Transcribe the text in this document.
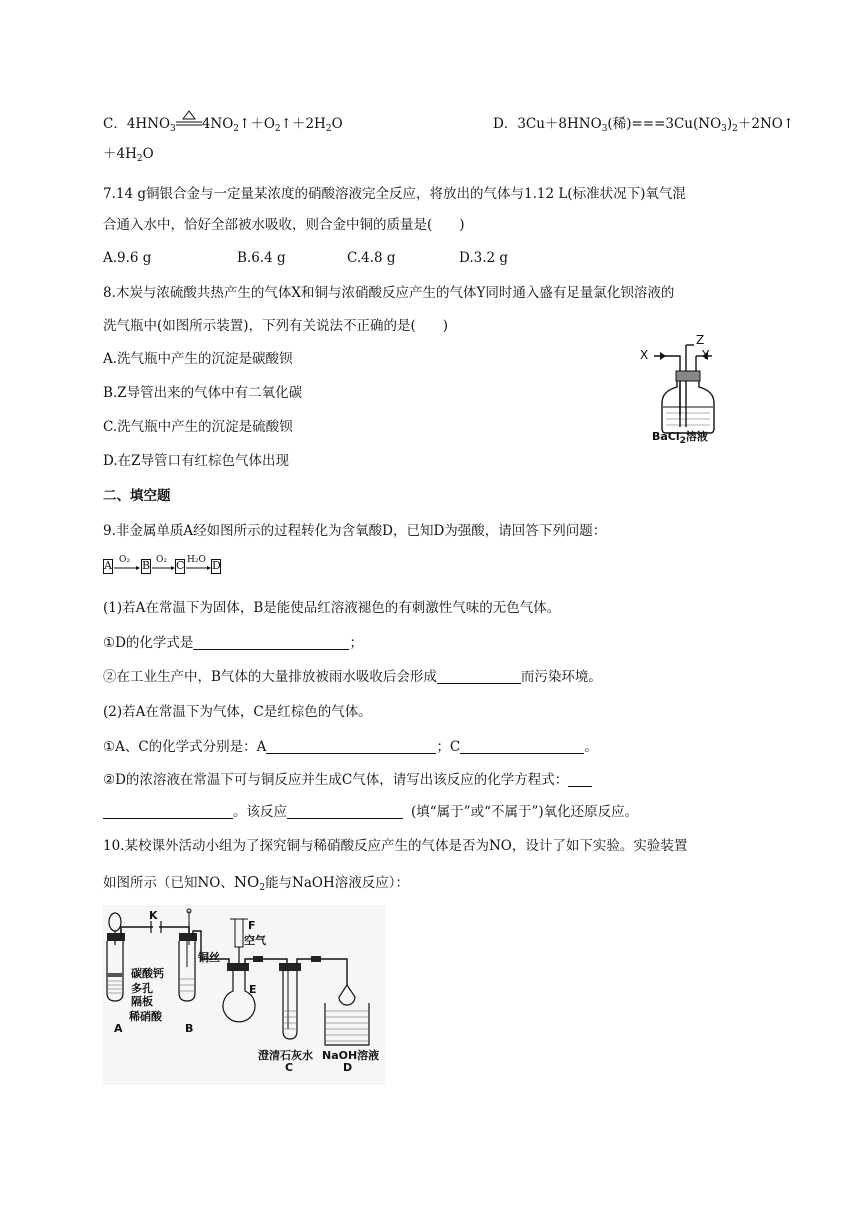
C．$4HNO_3$ $4NO_2↑+O_2↑+2H_2O$	D．$3Cu+8HNO_3$(稀)$===3Cu(NO_3)_2+2NO↑$
$+4H_2O$
7.14 g铜银合金与一定量某浓度的硝酸溶液完全反应，将放出的气体与1.12 L(标准状况下)氧气混
合通入水中，恰好全部被水吸收，则合金中铜的质量是(　　)
A.9.6 g	B.6.4 g	C.4.8 g	D.3.2 g
8.木炭与浓硫酸共热产生的气体X和铜与浓硝酸反应产生的气体Y同时通入盛有足量氯化钡溶液的
洗气瓶中(如图所示装置)，下列有关说法不正确的是(　　)
A.洗气瓶中产生的沉淀是碳酸钡
B.Z导管出来的气体中有二氧化碳
C.洗气瓶中产生的沉淀是硫酸钡
D.在Z导管口有红棕色气体出现
X	Y
Z
BaCl$_2$溶液
二、填空题
9.非金属单质A经如图所示的过程转化为含氧酸D，已知D为强酸，请回答下列问题：
A O₂ B O₂ C H₂O D
(1)若A在常温下为固体，B是能使品红溶液褪色的有刺激性气味的无色气体。
①D的化学式是	；
②在工业生产中，B气体的大量排放被雨水吸收后会形成	而污染环境。
(2)若A在常温下为气体，C是红棕色的气体。
①A、C的化学式分别是：A	；C	。
②D的浓溶液在常温下可与铜反应并生成C气体，请写出该反应的化学方程式：
。该反应	(填“属于”或“不属于”)氧化还原反应。
10.某校课外活动小组为了探究铜与稀硝酸反应产生的气体是否为NO，设计了如下实验。实验装置
如图所示（已知NO、$NO_2$能与NaOH溶液反应）：
K
F
空气
铜丝
碳酸钙
多孔
隔板
稀硝酸
A	B
E
澄清石灰水
C
NaOH溶液
D
